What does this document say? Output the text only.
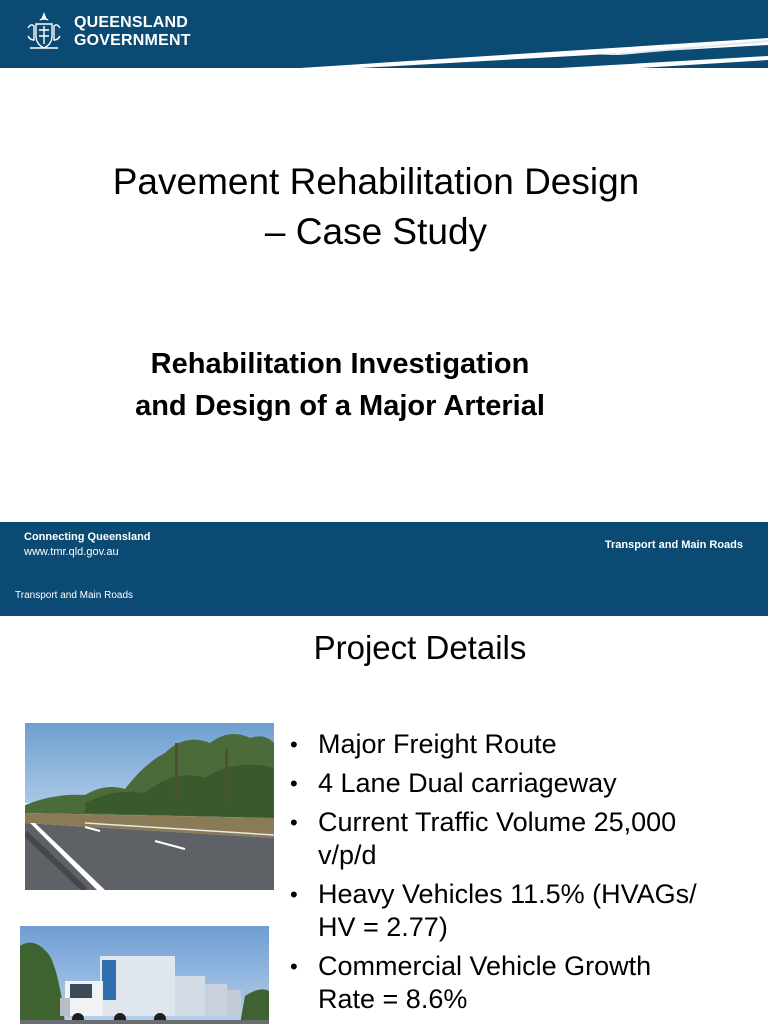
QUEENSLAND
GOVERNMENT
Pavement Rehabilitation Design
– Case Study
Rehabilitation Investigation
and Design of a Major Arterial
Connecting Queensland
www.tmr.qld.gov.au
Transport and Main Roads
Transport and Main Roads
Project Details
• Major Freight Route
• 4 Lane Dual carriageway
• Current Traffic Volume 25,000
v/p/d
• Heavy Vehicles 11.5% (HVAGs/
HV = 2.77)
• Commercial Vehicle Growth
Rate = 8.6%
